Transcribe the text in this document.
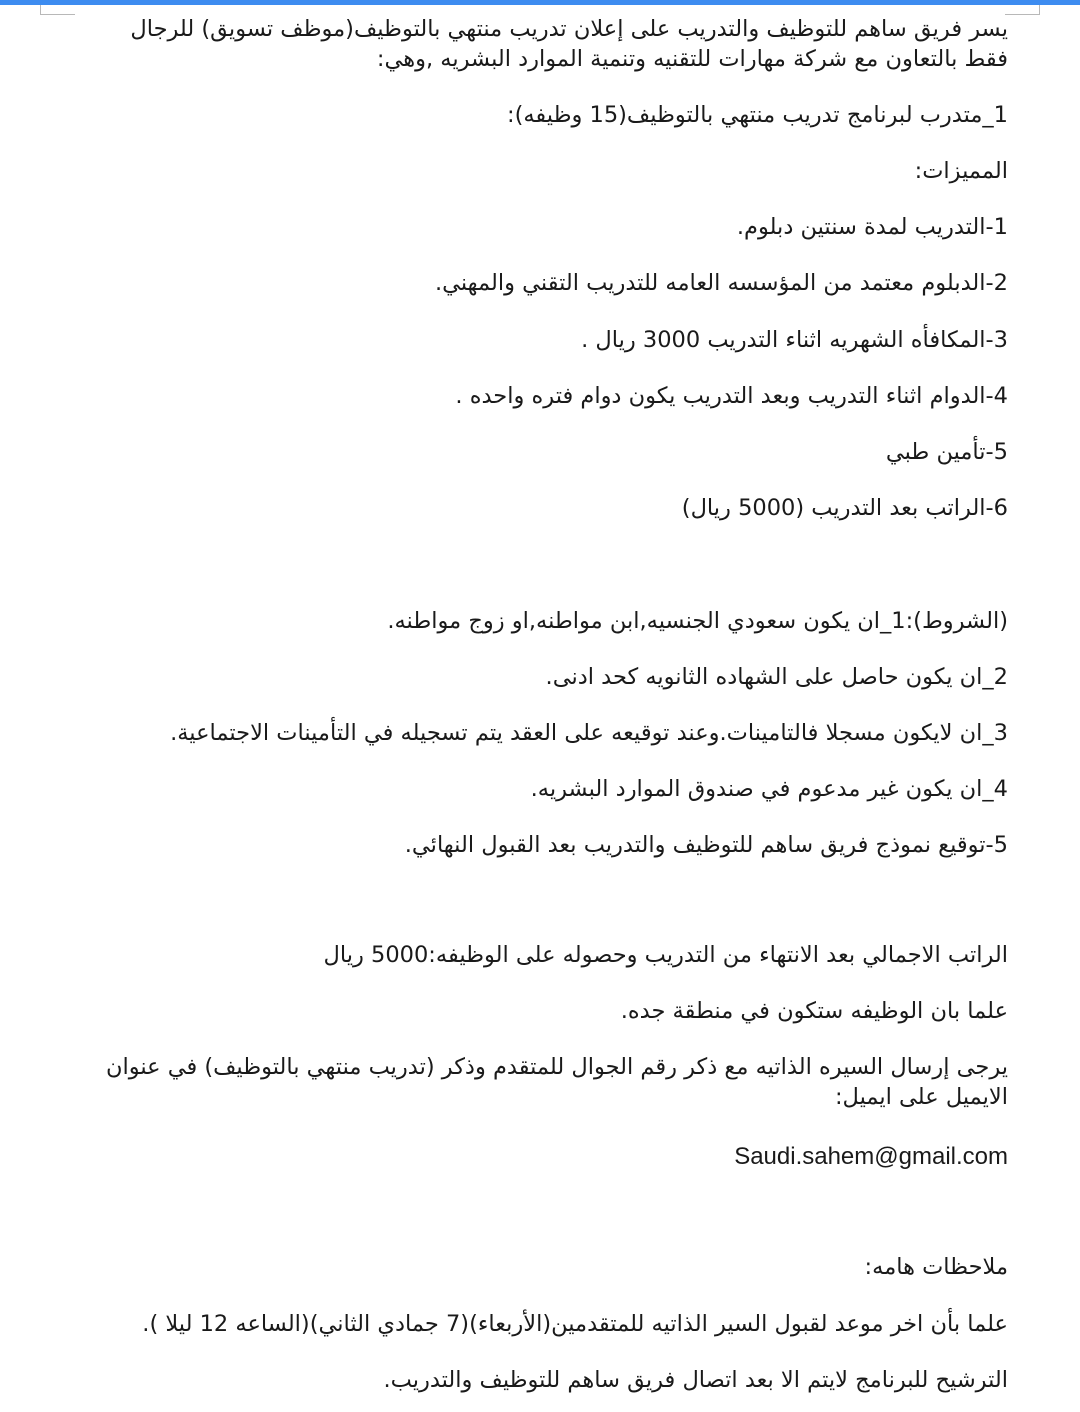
يسر فريق ساهم للتوظيف والتدريب على إعلان تدريب منتهي بالتوظيف(موظف تسويق) للرجال فقط بالتعاون مع شركة مهارات للتقنيه وتنمية الموارد البشريه ,وهي:
1_متدرب لبرنامج تدريب منتهي بالتوظيف(15 وظيفه):
المميزات:
1-التدريب لمدة سنتين دبلوم.
2-الدبلوم معتمد من المؤسسه العامه للتدريب التقني والمهني.
3-المكافأه الشهريه اثناء التدريب 3000 ريال .
4-الدوام اثناء التدريب وبعد التدريب يكون دوام فتره واحده .
5-تأمين طبي
6-الراتب بعد التدريب (5000 ريال)
(الشروط):1_ان يكون سعودي الجنسيه,ابن مواطنه,او زوج مواطنه.
2_ان يكون حاصل على الشهاده الثانويه كحد ادنى.
3_ان لايكون مسجلا فالتامينات.وعند توقيعه على العقد يتم تسجيله في التأمينات الاجتماعية.
4_ان يكون غير مدعوم في صندوق الموارد البشريه.
5-توقيع نموذج فريق ساهم للتوظيف والتدريب بعد القبول النهائي.
الراتب الاجمالي بعد الانتهاء من التدريب وحصوله على الوظيفه:5000 ريال
علما بان الوظيفه ستكون في منطقة جده.
يرجى إرسال السيره الذاتيه مع ذكر رقم الجوال للمتقدم وذكر (تدريب منتهي بالتوظيف) في عنوان الايميل على ايميل:
Saudi.sahem@gmail.com
ملاحظات هامه:
علما بأن اخر موعد لقبول السير الذاتيه للمتقدمين(الأربعاء)(7 جمادي الثاني)(الساعه 12 ليلا ).
الترشيح للبرنامج لايتم الا بعد اتصال فريق ساهم للتوظيف والتدريب.
